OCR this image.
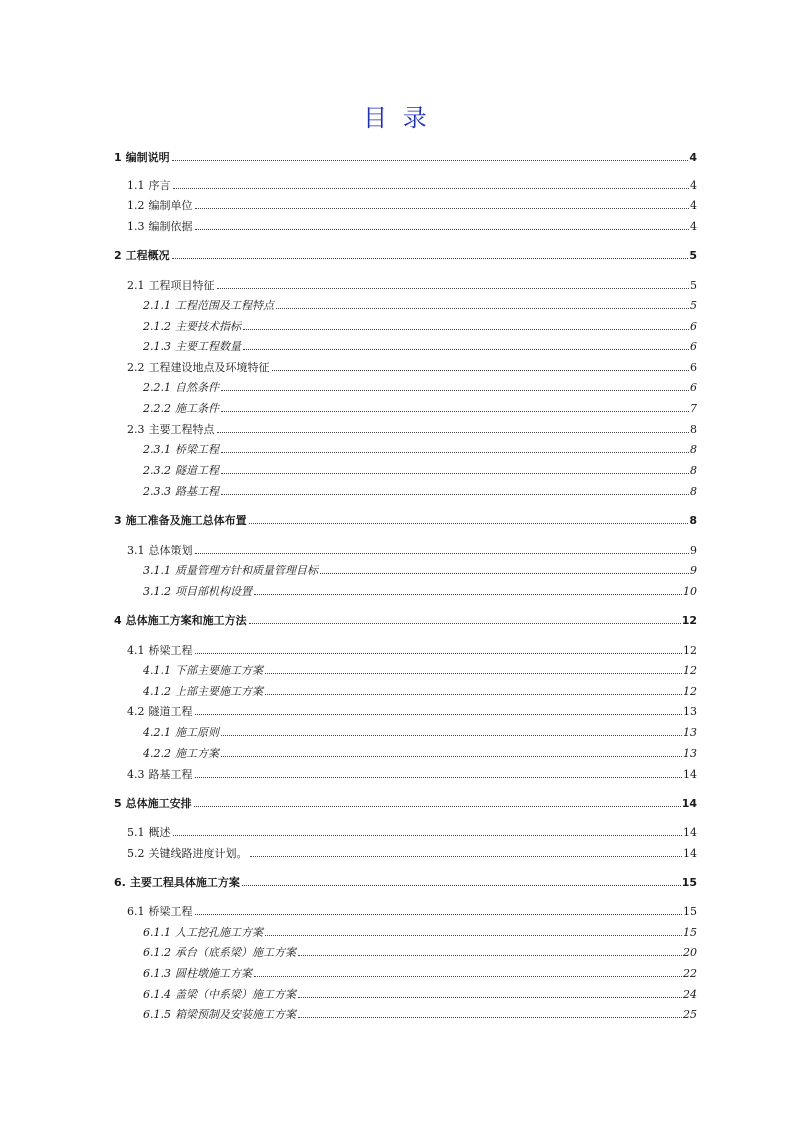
目 录
1 编制说明	4
1.1 序言	4
1.2 编制单位	4
1.3 编制依据	4
2 工程概况	5
2.1 工程项目特征	5
2.1.1 工程范围及工程特点	5
2.1.2 主要技术指标	6
2.1.3 主要工程数量	6
2.2 工程建设地点及环境特征	6
2.2.1 自然条件	6
2.2.2 施工条件	7
2.3 主要工程特点	8
2.3.1 桥梁工程	8
2.3.2 隧道工程	8
2.3.3 路基工程	8
3 施工准备及施工总体布置	8
3.1 总体策划	9
3.1.1 质量管理方针和质量管理目标	9
3.1.2 项目部机构设置	10
4 总体施工方案和施工方法	12
4.1 桥梁工程	12
4.1.1 下部主要施工方案	12
4.1.2 上部主要施工方案	12
4.2 隧道工程	13
4.2.1 施工原则	13
4.2.2 施工方案	13
4.3 路基工程	14
5 总体施工安排	14
5.1 概述	14
5.2 关键线路进度计划。	14
6. 主要工程具体施工方案	15
6.1 桥梁工程	15
6.1.1 人工挖孔施工方案	15
6.1.2 承台（底系梁）施工方案	20
6.1.3 圆柱墩施工方案	22
6.1.4 盖梁（中系梁）施工方案	24
6.1.5 箱梁预制及安装施工方案	25
